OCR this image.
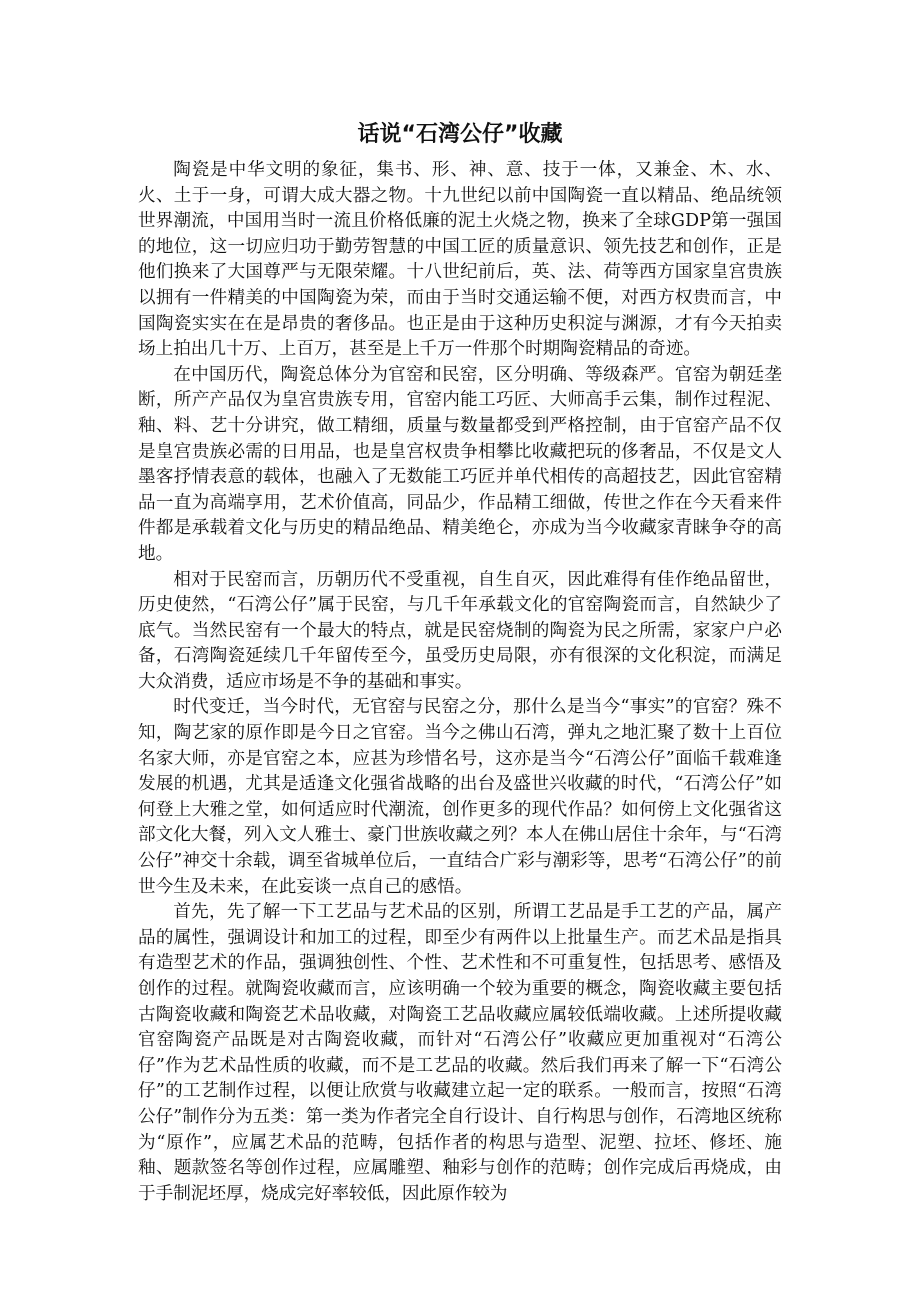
话说“石湾公仔”收藏

陶瓷是中华文明的象征，集书、形、神、意、技于一体，又兼金、木、水、火、土于一身，可谓大成大器之物。十九世纪以前中国陶瓷一直以精品、绝品统领世界潮流，中国用当时一流且价格低廉的泥土火烧之物，换来了全球GDP第一强国的地位，这一切应归功于勤劳智慧的中国工匠的质量意识、领先技艺和创作，正是他们换来了大国尊严与无限荣耀。十八世纪前后，英、法、荷等西方国家皇宫贵族以拥有一件精美的中国陶瓷为荣，而由于当时交通运输不便，对西方权贵而言，中国陶瓷实实在在是昂贵的奢侈品。也正是由于这种历史积淀与渊源，才有今天拍卖场上拍出几十万、上百万，甚至是上千万一件那个时期陶瓷精品的奇迹。

在中国历代，陶瓷总体分为官窑和民窑，区分明确、等级森严。官窑为朝廷垄断，所产产品仅为皇宫贵族专用，官窑内能工巧匠、大师高手云集，制作过程泥、釉、料、艺十分讲究，做工精细，质量与数量都受到严格控制，由于官窑产品不仅是皇宫贵族必需的日用品，也是皇宫权贵争相攀比收藏把玩的侈奢品，不仅是文人墨客抒情表意的载体，也融入了无数能工巧匠并单代相传的高超技艺，因此官窑精品一直为高端享用，艺术价值高，同品少，作品精工细做，传世之作在今天看来件件都是承载着文化与历史的精品绝品、精美绝仑，亦成为当今收藏家青睐争夺的高地。

相对于民窑而言，历朝历代不受重视，自生自灭，因此难得有佳作绝品留世，历史使然，“石湾公仔”属于民窑，与几千年承载文化的官窑陶瓷而言，自然缺少了底气。当然民窑有一个最大的特点，就是民窑烧制的陶瓷为民之所需，家家户户必备，石湾陶瓷延续几千年留传至今，虽受历史局限，亦有很深的文化积淀，而满足大众消费，适应市场是不争的基础和事实。

时代变迁，当今时代，无官窑与民窑之分，那什么是当今“事实”的官窑？殊不知，陶艺家的原作即是今日之官窑。当今之佛山石湾，弹丸之地汇聚了数十上百位名家大师，亦是官窑之本，应甚为珍惜名号，这亦是当今“石湾公仔”面临千载难逢发展的机遇，尤其是适逢文化强省战略的出台及盛世兴收藏的时代，“石湾公仔”如何登上大雅之堂，如何适应时代潮流，创作更多的现代作品？如何傍上文化强省这部文化大餐，列入文人雅士、豪门世族收藏之列？本人在佛山居住十余年，与“石湾公仔”神交十余载，调至省城单位后，一直结合广彩与潮彩等，思考“石湾公仔”的前世今生及未来，在此妄谈一点自己的感悟。

首先，先了解一下工艺品与艺术品的区别，所谓工艺品是手工艺的产品，属产品的属性，强调设计和加工的过程，即至少有两件以上批量生产。而艺术品是指具有造型艺术的作品，强调独创性、个性、艺术性和不可重复性，包括思考、感悟及创作的过程。就陶瓷收藏而言，应该明确一个较为重要的概念，陶瓷收藏主要包括古陶瓷收藏和陶瓷艺术品收藏，对陶瓷工艺品收藏应属较低端收藏。上述所提收藏官窑陶瓷产品既是对古陶瓷收藏，而针对“石湾公仔”收藏应更加重视对“石湾公仔”作为艺术品性质的收藏，而不是工艺品的收藏。然后我们再来了解一下“石湾公仔”的工艺制作过程，以便让欣赏与收藏建立起一定的联系。一般而言，按照“石湾公仔”制作分为五类：第一类为作者完全自行设计、自行构思与创作，石湾地区统称为“原作”，应属艺术品的范畴，包括作者的构思与造型、泥塑、拉坯、修坯、施釉、题款签名等创作过程，应属雕塑、釉彩与创作的范畴；创作完成后再烧成，由于手制泥坯厚，烧成完好率较低，因此原作较为
